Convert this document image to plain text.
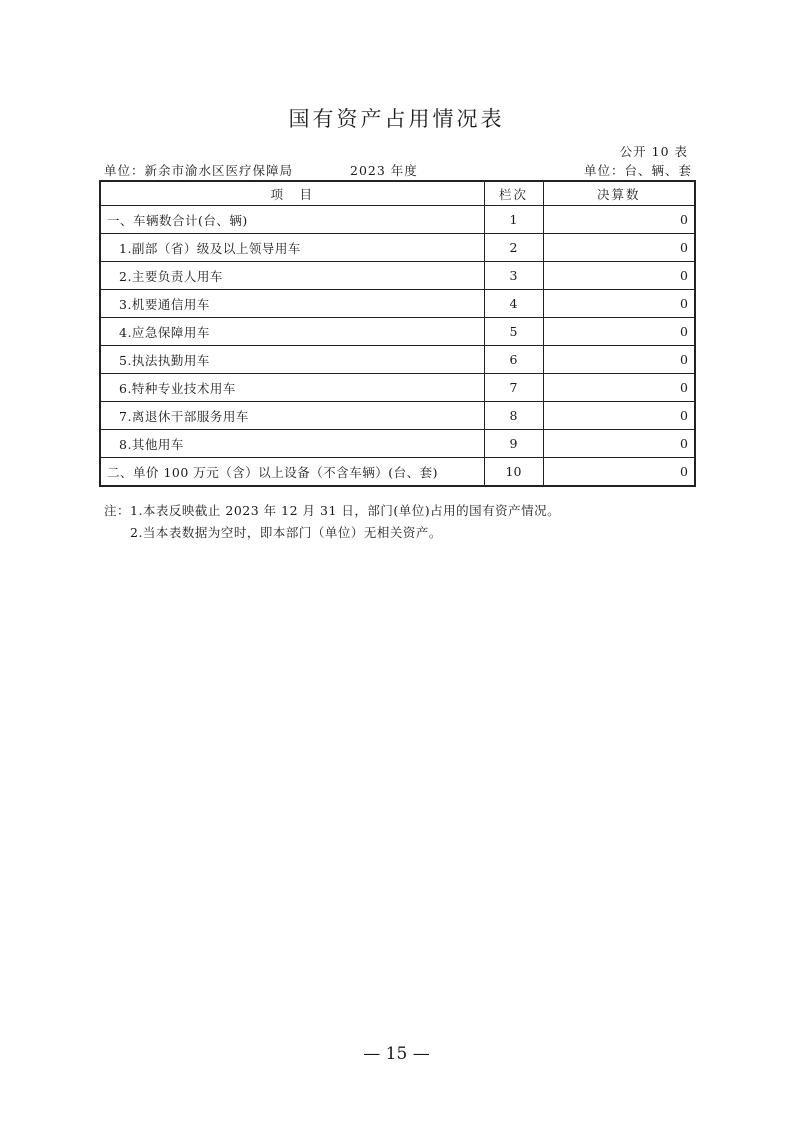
国有资产占用情况表
公开 10 表
单位：新余市渝水区医疗保障局	2023 年度	单位：台、辆、套
项　目	栏次	决算数
一、车辆数合计(台、辆)	1	0
1.副部（省）级及以上领导用车	2	0
2.主要负责人用车	3	0
3.机要通信用车	4	0
4.应急保障用车	5	0
5.执法执勤用车	6	0
6.特种专业技术用车	7	0
7.离退休干部服务用车	8	0
8.其他用车	9	0
二、单价 100 万元（含）以上设备（不含车辆）(台、套)	10	0
注：1.本表反映截止 2023 年 12 月 31 日，部门(单位)占用的国有资产情况。
2.当本表数据为空时，即本部门（单位）无相关资产。
— 15 —
